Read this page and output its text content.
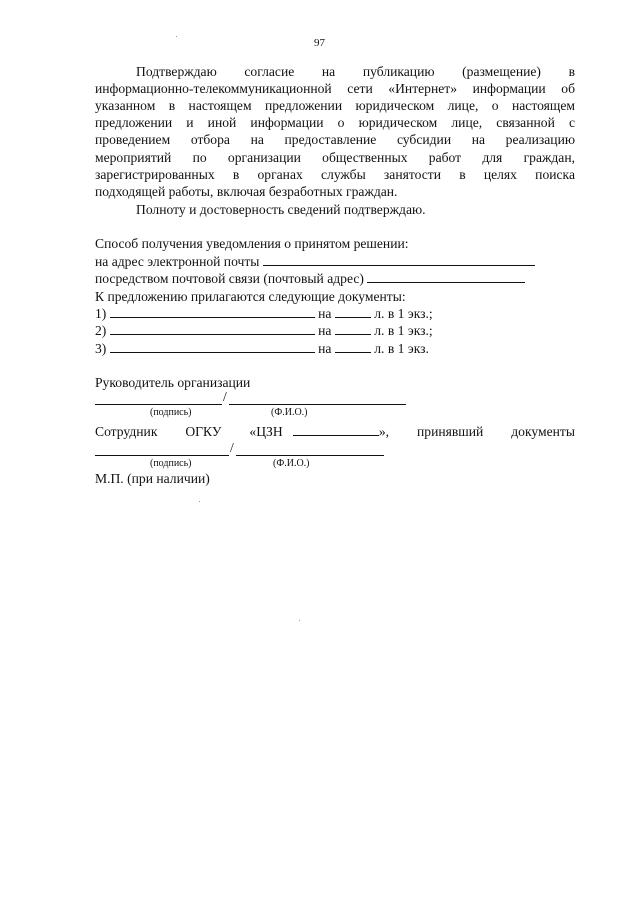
97
Подтверждаю согласие на публикацию (размещение) в
информационно-телекоммуникационной сети «Интернет» информации об
указанном в настоящем предложении юридическом лице, о настоящем
предложении и иной информации о юридическом лице, связанной с
проведением отбора на предоставление субсидии на реализацию
мероприятий по организации общественных работ для граждан,
зарегистрированных в органах службы занятости в целях поиска
подходящей работы, включая безработных граждан.
Полноту и достоверность сведений подтверждаю.
Способ получения уведомления о принятом решении:
на адрес электронной почты
посредством почтовой связи (почтовый адрес)
К предложению прилагаются следующие документы:
1)	на	л. в 1 экз.;
2)	на	л. в 1 экз.;
3)	на	л. в 1 экз.
Руководитель организации
/
(подпись)	(Ф.И.О.)
Сотрудник ОГКУ «ЦЗН	», принявший документы
/
(подпись)	(Ф.И.О.)
М.П. (при наличии)
